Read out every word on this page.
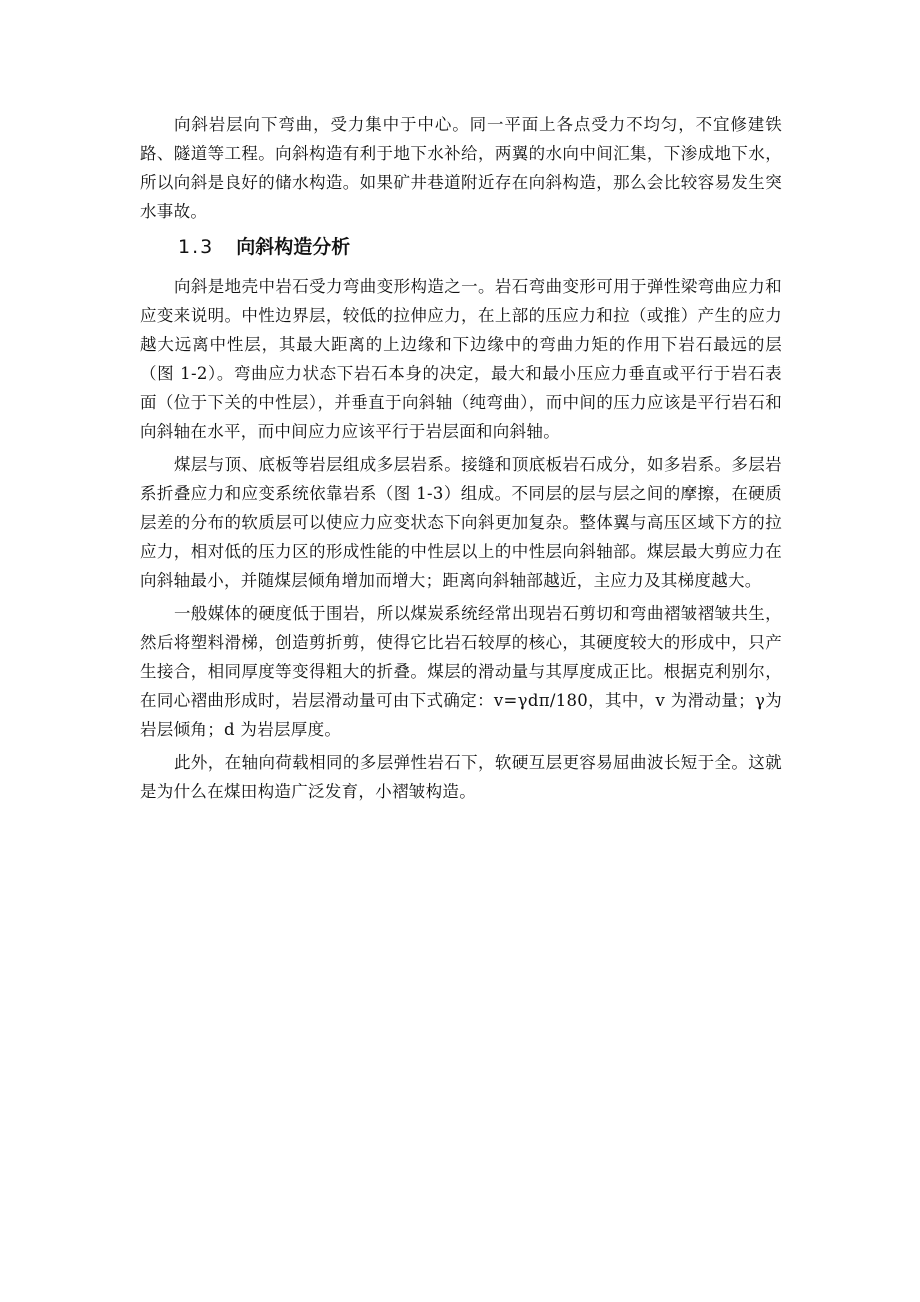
向斜岩层向下弯曲，受力集中于中心。同一平面上各点受力不均匀，不宜修建铁路、隧道等工程。向斜构造有利于地下水补给，两翼的水向中间汇集，下渗成地下水，所以向斜是良好的储水构造。如果矿井巷道附近存在向斜构造，那么会比较容易发生突水事故。

1.3 向斜构造分析

向斜是地壳中岩石受力弯曲变形构造之一。岩石弯曲变形可用于弹性梁弯曲应力和应变来说明。中性边界层，较低的拉伸应力，在上部的压应力和拉（或推）产生的应力越大远离中性层，其最大距离的上边缘和下边缘中的弯曲力矩的作用下岩石最远的层（图 1-2）。弯曲应力状态下岩石本身的决定，最大和最小压应力垂直或平行于岩石表面（位于下关的中性层），并垂直于向斜轴（纯弯曲），而中间的压力应该是平行岩石和向斜轴在水平，而中间应力应该平行于岩层面和向斜轴。

煤层与顶、底板等岩层组成多层岩系。接缝和顶底板岩石成分，如多岩系。多层岩系折叠应力和应变系统依靠岩系（图 1-3）组成。不同层的层与层之间的摩擦，在硬质层差的分布的软质层可以使应力应变状态下向斜更加复杂。整体翼与高压区域下方的拉应力，相对低的压力区的形成性能的中性层以上的中性层向斜轴部。煤层最大剪应力在向斜轴最小，并随煤层倾角增加而增大；距离向斜轴部越近，主应力及其梯度越大。

一般媒体的硬度低于围岩，所以煤炭系统经常出现岩石剪切和弯曲褶皱褶皱共生，然后将塑料滑梯，创造剪折剪，使得它比岩石较厚的核心，其硬度较大的形成中，只产生接合，相同厚度等变得粗大的折叠。煤层的滑动量与其厚度成正比。根据克利别尔，在同心褶曲形成时，岩层滑动量可由下式确定：v=γdπ/180，其中，v 为滑动量；γ为岩层倾角；d 为岩层厚度。

此外，在轴向荷载相同的多层弹性岩石下，软硬互层更容易屈曲波长短于全。这就是为什么在煤田构造广泛发育，小褶皱构造。
